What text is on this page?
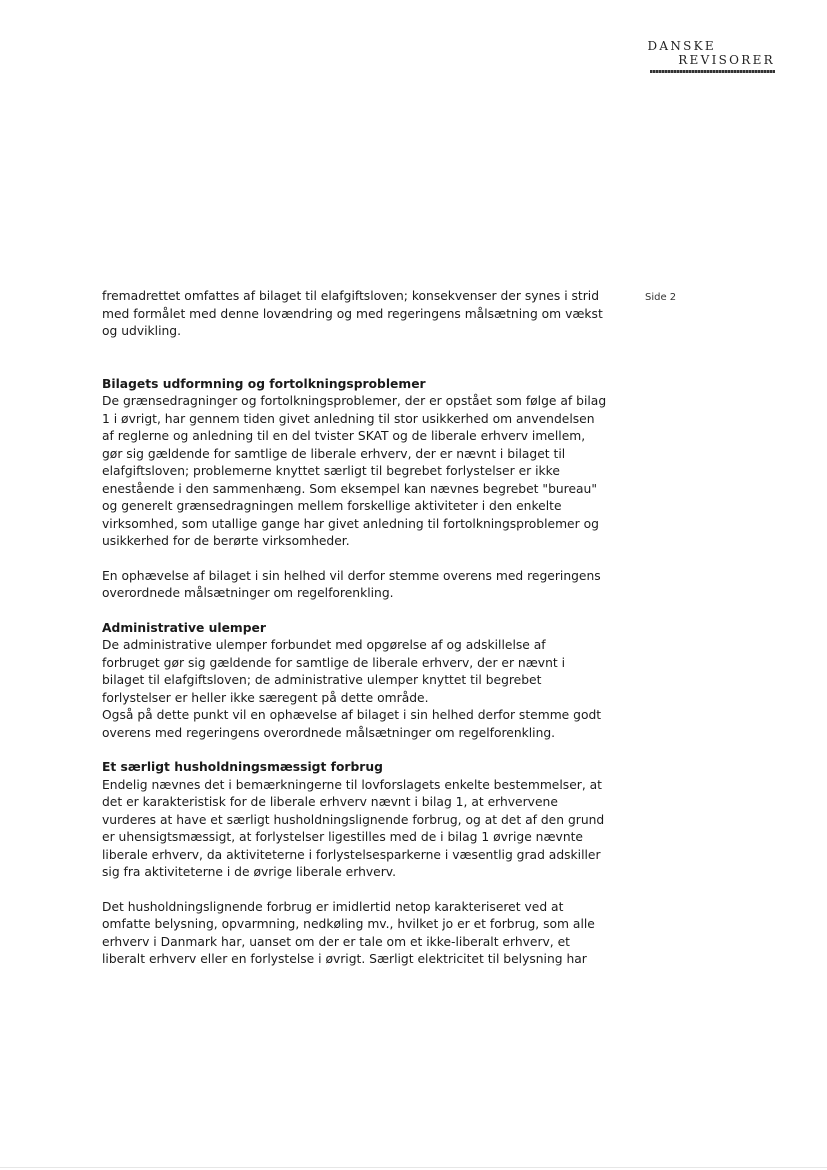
DANSKE
REVISORER
Side 2

fremadrettet omfattes af bilaget til elafgiftsloven; konsekvenser der synes i strid med formålet med denne lovændring og med regeringens målsætning om vækst og udvikling.

Bilagets udformning og fortolkningsproblemer

De grænsedragninger og fortolkningsproblemer, der er opstået som følge af bilag 1 i øvrigt, har gennem tiden givet anledning til stor usikkerhed om anvendelsen af reglerne og anledning til en del tvister SKAT og de liberale erhverv imellem, gør sig gældende for samtlige de liberale erhverv, der er nævnt i bilaget til elafgiftsloven; problemerne knyttet særligt til begrebet forlystelser er ikke enestående i den sammenhæng. Som eksempel kan nævnes begrebet "bureau" og generelt grænsedragningen mellem forskellige aktiviteter i den enkelte virksomhed, som utallige gange har givet anledning til fortolkningsproblemer og usikkerhed for de berørte virksomheder.

En ophævelse af bilaget i sin helhed vil derfor stemme overens med regeringens overordnede målsætninger om regelforenkling.

Administrative ulemper

De administrative ulemper forbundet med opgørelse af og adskillelse af forbruget gør sig gældende for samtlige de liberale erhverv, der er nævnt i bilaget til elafgiftsloven; de administrative ulemper knyttet til begrebet forlystelser er heller ikke særegent på dette område.

Også på dette punkt vil en ophævelse af bilaget i sin helhed derfor stemme godt overens med regeringens overordnede målsætninger om regelforenkling.

Et særligt husholdningsmæssigt forbrug

Endelig nævnes det i bemærkningerne til lovforslagets enkelte bestemmelser, at det er karakteristisk for de liberale erhverv nævnt i bilag 1, at erhvervene vurderes at have et særligt husholdningslignende forbrug, og at det af den grund er uhensigtsmæssigt, at forlystelser ligestilles med de i bilag 1 øvrige nævnte liberale erhverv, da aktiviteterne i forlystelsesparkerne i væsentlig grad adskiller sig fra aktiviteterne i de øvrige liberale erhverv.

Det husholdningslignende forbrug er imidlertid netop karakteriseret ved at omfatte belysning, opvarmning, nedkøling mv., hvilket jo er et forbrug, som alle erhverv i Danmark har, uanset om der er tale om et ikke-liberalt erhverv, et liberalt erhverv eller en forlystelse i øvrigt. Særligt elektricitet til belysning har
